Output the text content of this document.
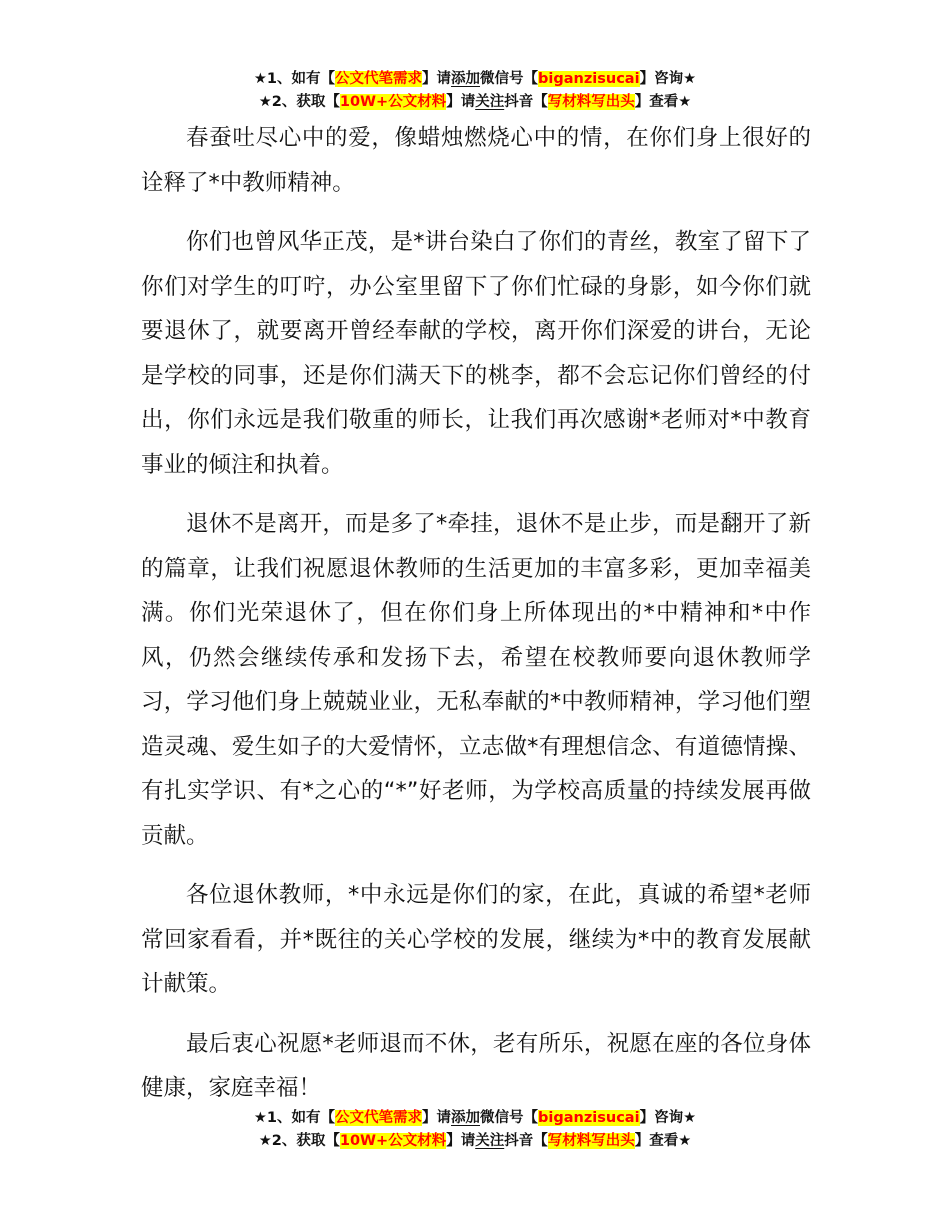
★1、如有【公文代笔需求】请添加微信号【biganzisucai】咨询★
★2、获取【10W+公文材料】请关注抖音【写材料写出头】查看★

春蚕吐尽心中的爱，像蜡烛燃烧心中的情，在你们身上很好的诠释了*中教师精神。

你们也曾风华正茂，是*讲台染白了你们的青丝，教室了留下了你们对学生的叮咛，办公室里留下了你们忙碌的身影，如今你们就要退休了，就要离开曾经奉献的学校，离开你们深爱的讲台，无论是学校的同事，还是你们满天下的桃李，都不会忘记你们曾经的付出，你们永远是我们敬重的师长，让我们再次感谢*老师对*中教育事业的倾注和执着。

退休不是离开，而是多了*牵挂，退休不是止步，而是翻开了新的篇章，让我们祝愿退休教师的生活更加的丰富多彩，更加幸福美满。你们光荣退休了，但在你们身上所体现出的*中精神和*中作风，仍然会继续传承和发扬下去，希望在校教师要向退休教师学习，学习他们身上兢兢业业，无私奉献的*中教师精神，学习他们塑造灵魂、爱生如子的大爱情怀，立志做*有理想信念、有道德情操、有扎实学识、有*之心的“*”好老师，为学校高质量的持续发展再做贡献。

各位退休教师，*中永远是你们的家，在此，真诚的希望*老师常回家看看，并*既往的关心学校的发展，继续为*中的教育发展献计献策。

最后衷心祝愿*老师退而不休，老有所乐，祝愿在座的各位身体健康，家庭幸福！

★1、如有【公文代笔需求】请添加微信号【biganzisucai】咨询★
★2、获取【10W+公文材料】请关注抖音【写材料写出头】查看★
